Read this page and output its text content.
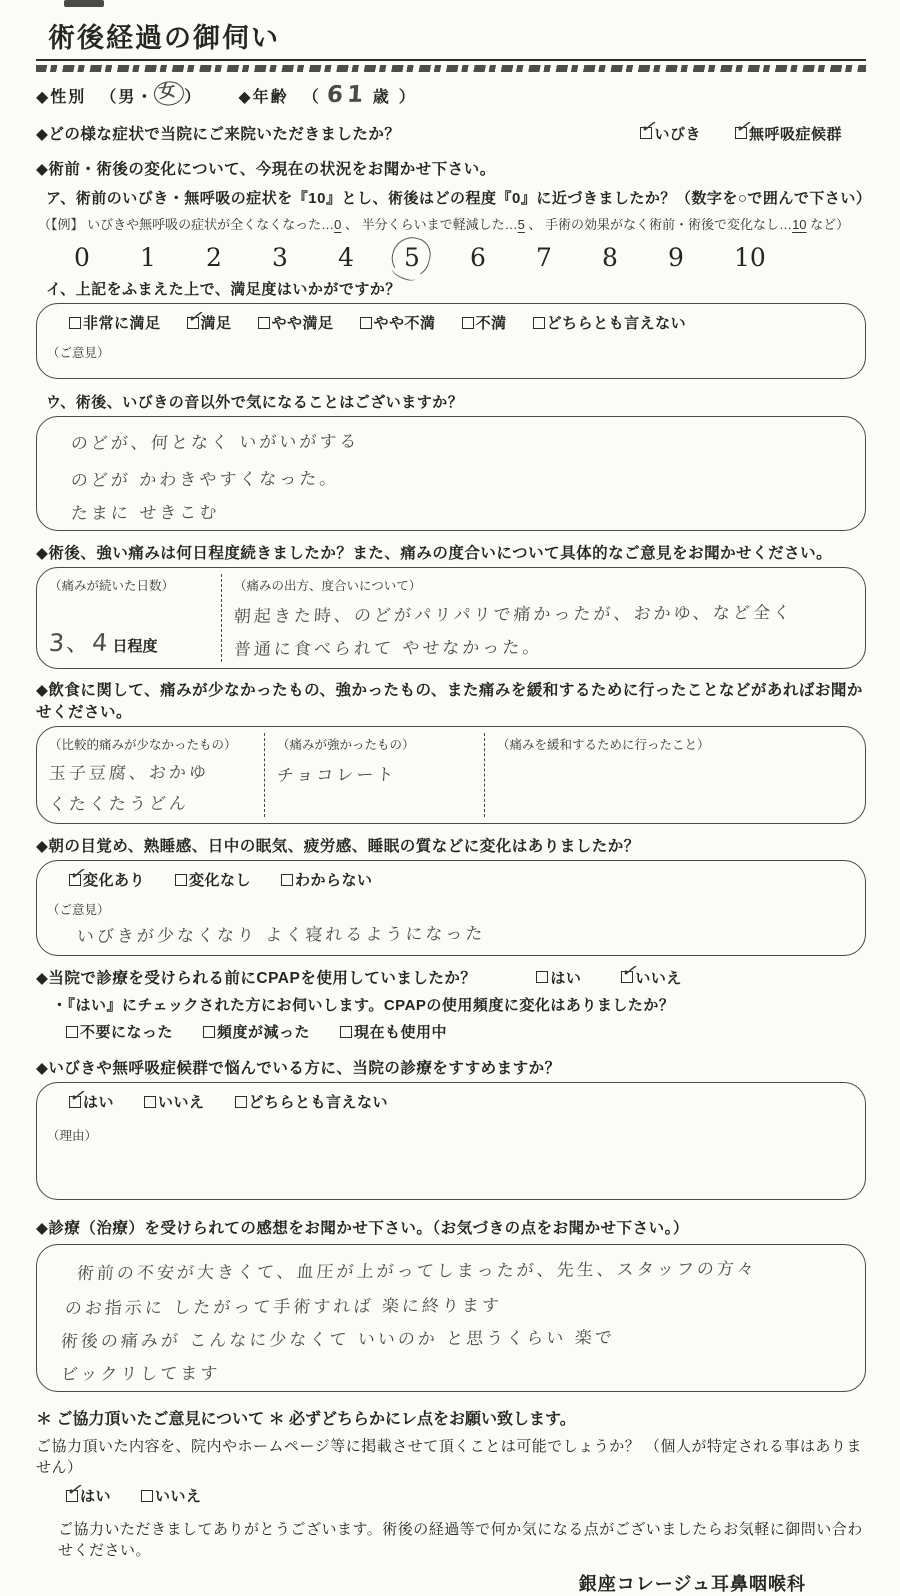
術後経過の御伺い
◆性別 （ 男 ・ 女 ） ◆年齢 （ 61 歳 ）
◆どの様な症状で当院にご来院いただきましたか？	✓
いびき ✓
無呼吸症候群
◆術前・術後の変化について、今現在の状況をお聞かせ下さい。
ア、術前のいびき・無呼吸の症状を『10』とし、術後はどの程度『0』に近づきましたか？（数字を○で囲んで下さい）
（【例】 いびきや無呼吸の症状が全くなくなった…0 、 半分くらいまで軽減した…5 、 手術の効果がなく術前・術後で変化なし…10 など）
0	1	2	3	4	5	6	7	8	9	10
イ、上記をふまえた上で、満足度はいかがですか？
非常に満足 ✓
満足	やや満足	やや不満	不満	どちらとも言えない
（ご意見）
ウ、術後、いびきの音以外で気になることはございますか？
のどが、何となく いがいがする
のどが かわきやすくなった。
たまに せきこむ
◆術後、強い痛みは何日程度続きましたか？また、痛みの度合いについて具体的なご意見をお聞かせください。
（痛みが続いた日数）
3、4 日程度
（痛みの出方、度合いについて）
朝起きた時、のどがパリパリで痛かったが、おかゆ、など全く
普通に食べられて やせなかった。
◆飲食に関して、痛みが少なかったもの、強かったもの、また痛みを緩和するために行ったことなどがあればお聞かせください。
（比較的痛みが少なかったもの）
玉子豆腐、おかゆ
くたくたうどん
（痛みが強かったもの）
チョコレート
（痛みを緩和するために行ったこと）
◆朝の目覚め、熟睡感、日中の眠気、疲労感、睡眠の質などに変化はありましたか？
✓
変化あり	変化なし	わからない
（ご意見）
いびきが少なくなり よく寝れるようになった
◆当院で診療を受けられる前にCPAPを使用していましたか？	はい ✓
いいえ
・『はい』にチェックされた方にお伺いします。CPAPの使用頻度に変化はありましたか？
不要になった	頻度が減った	現在も使用中
◆いびきや無呼吸症候群で悩んでいる方に、当院の診療をすすめますか？
✓
はい	いいえ	どちらとも言えない
（理由）
◆診療（治療）を受けられての感想をお聞かせ下さい。（お気づきの点をお聞かせ下さい。）
術前の不安が大きくて、血圧が上がってしまったが、先生、スタッフの方々
のお指示に したがって手術すれば 楽に終ります
術後の痛みが こんなに少なくて いいのか と思うくらい 楽で
ビックリしてます
＊ ご協力頂いたご意見について ＊ 必ずどちらかにレ点をお願い致します。
ご協力頂いた内容を、院内やホームページ等に掲載させて頂くことは可能でしょうか？ （個人が特定される事はありません）
✓
はい	いいえ
ご協力いただきましてありがとうございます。術後の経過等で何か気になる点がございましたらお気軽に御問い合わせください。
銀座コレージュ耳鼻咽喉科
